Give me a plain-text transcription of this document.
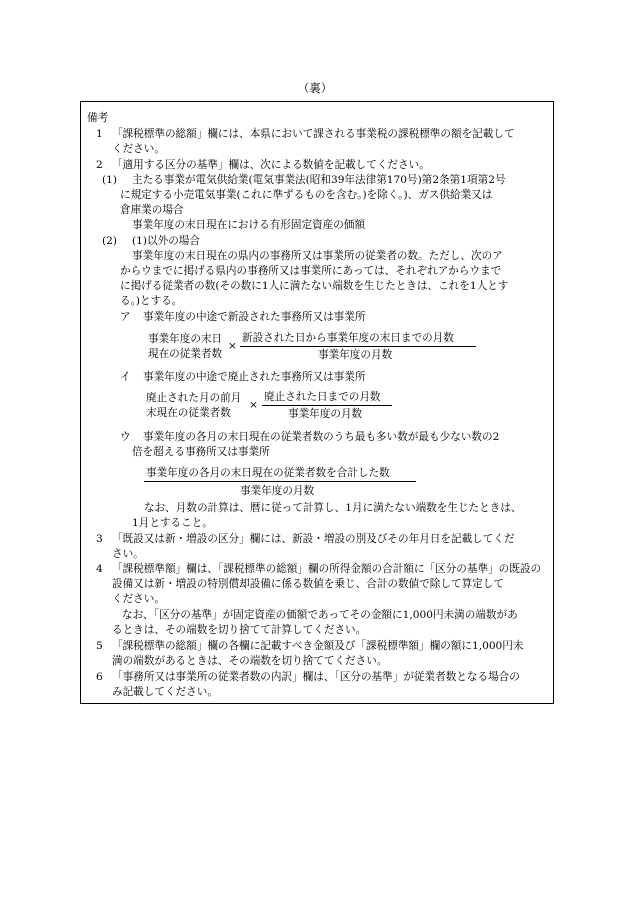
（裏）
備考
1 「課税標準の総額」欄には、本県において課される事業税の課税標準の額を記載して
ください。
2 「適用する区分の基準」欄は、次による数値を記載してください。
(1) 主たる事業が電気供給業(電気事業法(昭和39年法律第170号)第2条第1項第2号
に規定する小売電気事業(これに準ずるものを含む。)を除く。)、ガス供給業又は
倉庫業の場合
事業年度の末日現在における有形固定資産の価額
(2) (1)以外の場合
事業年度の末日現在の県内の事務所又は事業所の従業者の数。ただし、次のア
からウまでに掲げる県内の事務所又は事業所にあっては、それぞれアからウまで
に掲げる従業者の数(その数に1人に満たない端数を生じたときは、これを1人とす
る。)とする。
ア 事業年度の中途で新設された事務所又は事業所
事業年度の末日
現在の従業者数
×
新設された日から事業年度の末日までの月数
事業年度の月数
イ 事業年度の中途で廃止された事務所又は事業所
廃止された月の前月
末現在の従業者数
×
廃止された日までの月数
事業年度の月数
ウ 事業年度の各月の末日現在の従業者数のうち最も多い数が最も少ない数の2
倍を超える事務所又は事業所
事業年度の各月の末日現在の従業者数を合計した数
事業年度の月数
なお、月数の計算は、暦に従って計算し、1月に満たない端数を生じたときは、
1月とすること。
3 「既設又は新・増設の区分」欄には、新設・増設の別及びその年月日を記載してくだ
さい。
4 「課税標準額」欄は、「課税標準の総額」欄の所得金額の合計額に「区分の基準」の既設の
設備又は新・増設の特別償却設備に係る数値を乗じ、合計の数値で除して算定して
ください。
なお、「区分の基準」が固定資産の価額であってその金額に1,000円未満の端数があ
るときは、その端数を切り捨てて計算してください。
5 「課税標準の総額」欄の各欄に記載すべき金額及び「課税標準額」欄の額に1,000円未
満の端数があるときは、その端数を切り捨ててください。
6 「事務所又は事業所の従業者数の内訳」欄は、「区分の基準」が従業者数となる場合の
み記載してください。
